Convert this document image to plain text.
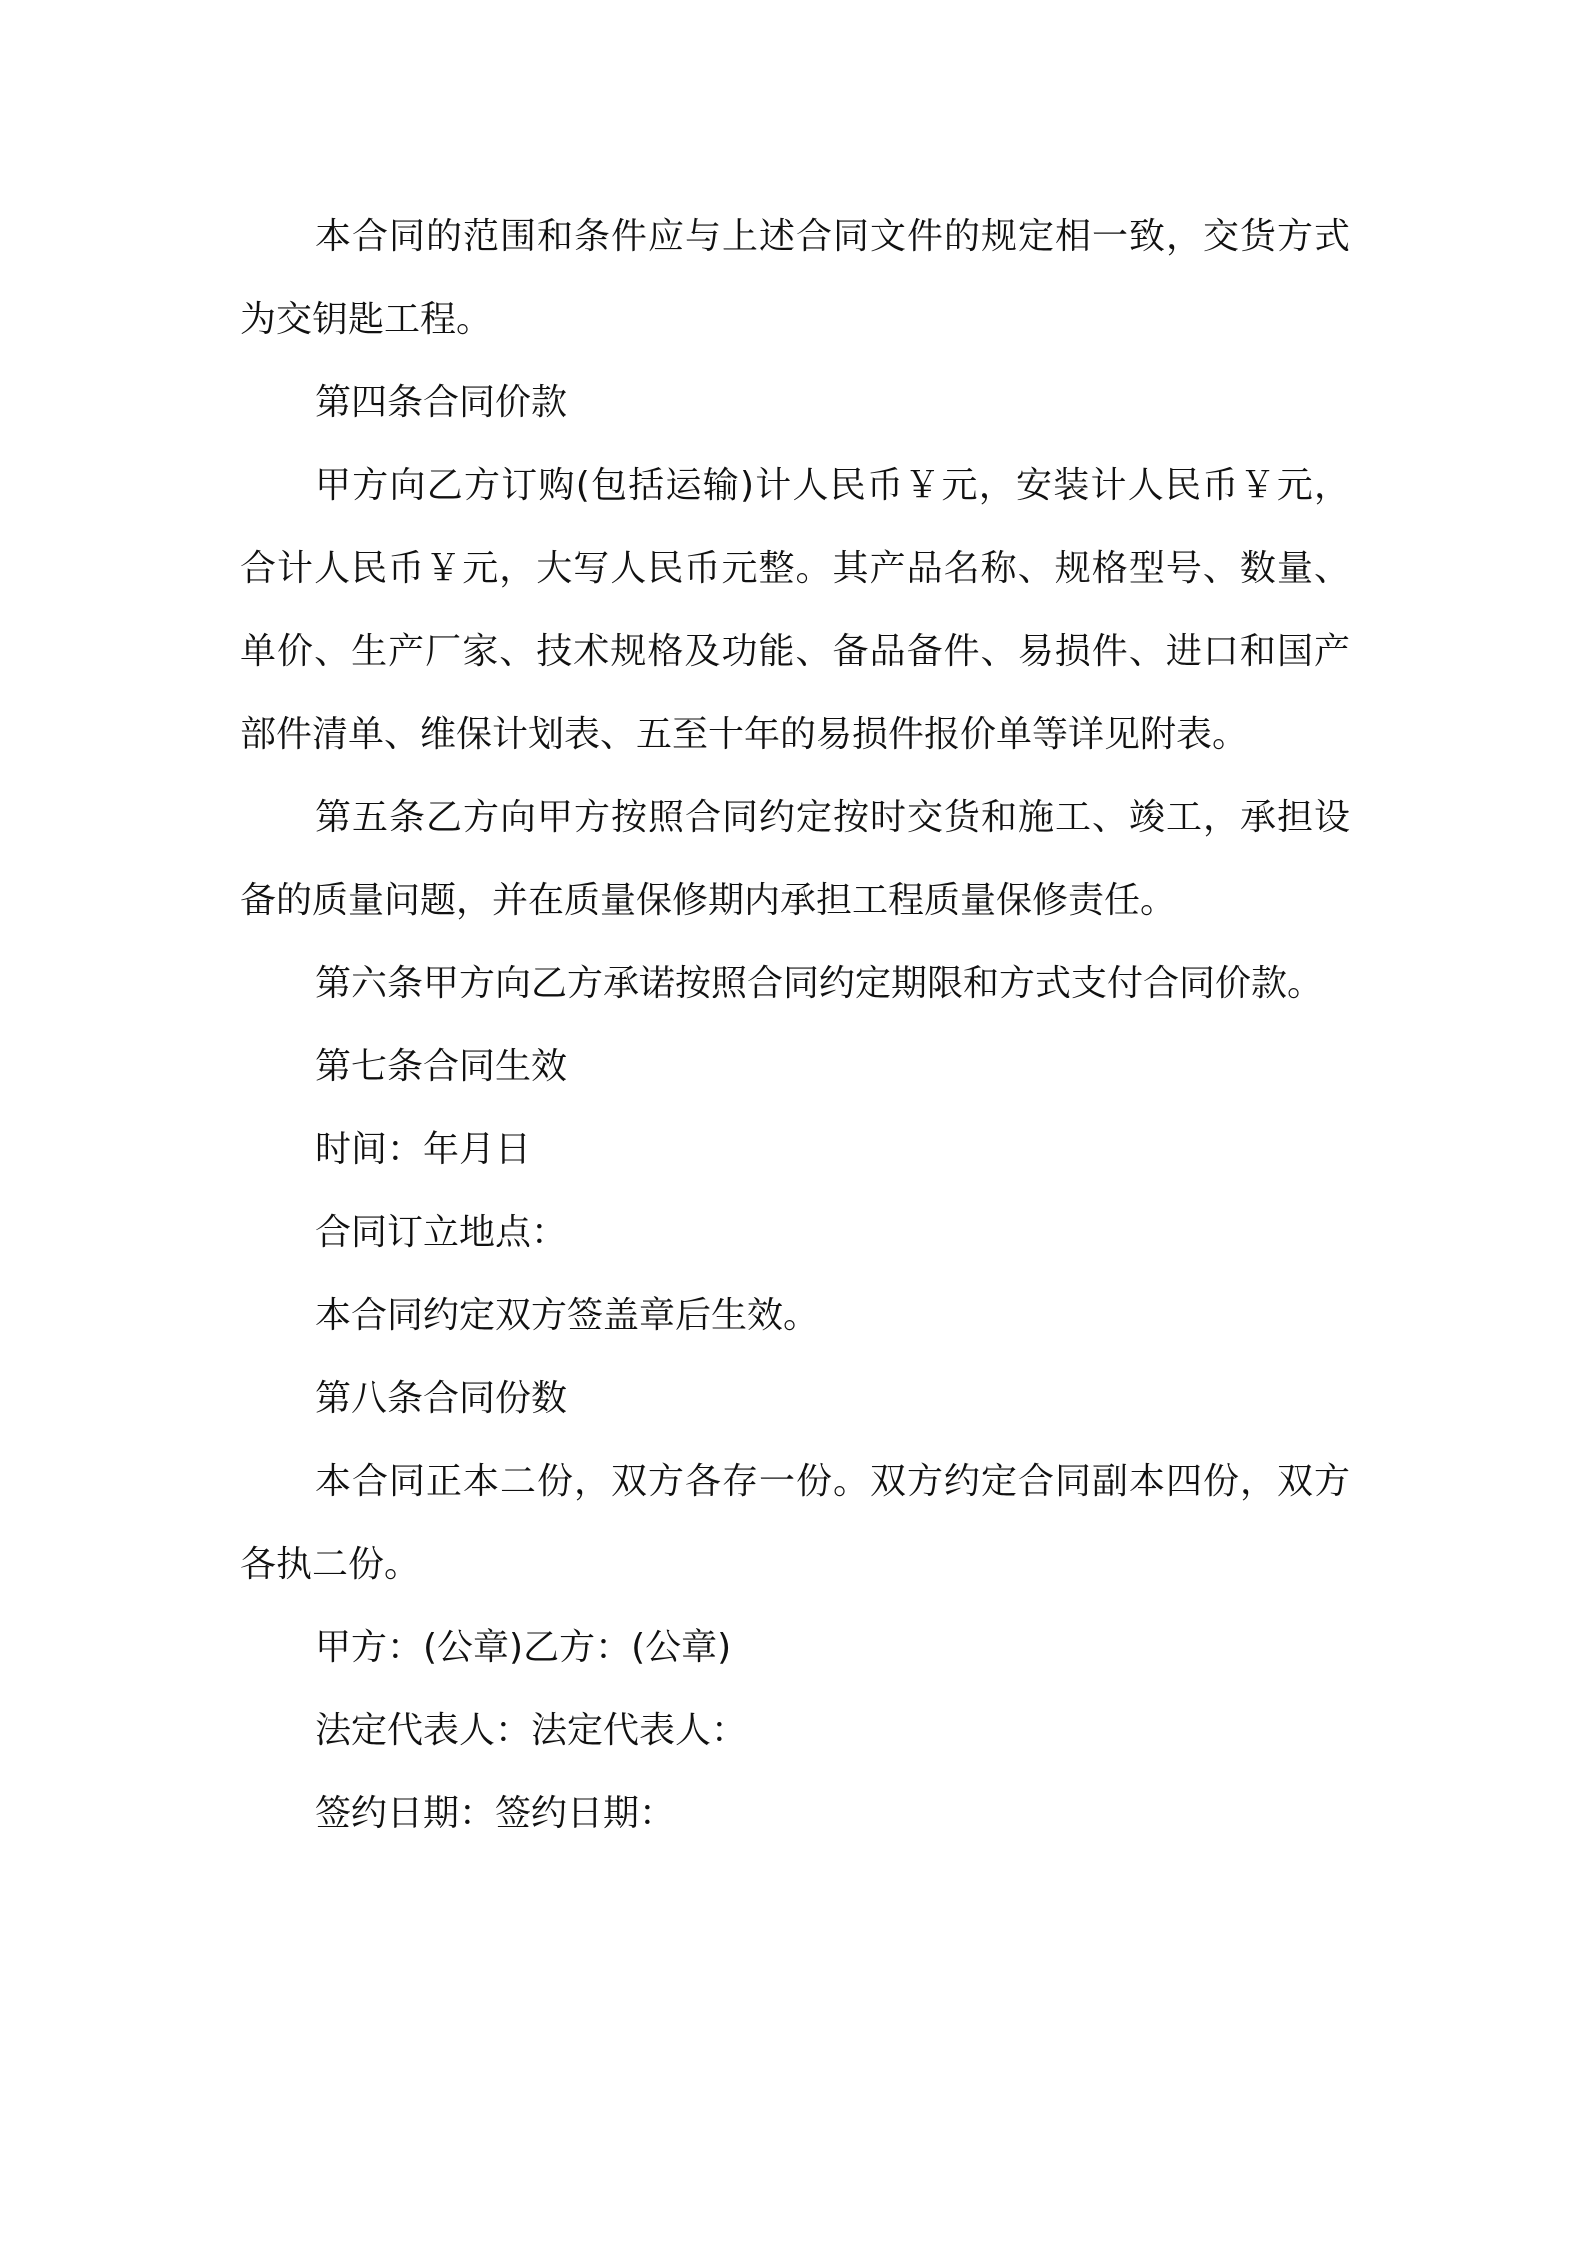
本合同的范围和条件应与上述合同文件的规定相一致，交货方式为交钥匙工程。

第四条合同价款

甲方向乙方订购(包括运输)计人民币￥元，安装计人民币￥元，合计人民币￥元，大写人民币元整。其产品名称、规格型号、数量、单价、生产厂家、技术规格及功能、备品备件、易损件、进口和国产部件清单、维保计划表、五至十年的易损件报价单等详见附表。

第五条乙方向甲方按照合同约定按时交货和施工、竣工，承担设备的质量问题，并在质量保修期内承担工程质量保修责任。

第六条甲方向乙方承诺按照合同约定期限和方式支付合同价款。

第七条合同生效

时间：年月日

合同订立地点：

本合同约定双方签盖章后生效。

第八条合同份数

本合同正本二份，双方各存一份。双方约定合同副本四份，双方各执二份。

甲方：(公章)乙方：(公章)

法定代表人：法定代表人：

签约日期：签约日期：
